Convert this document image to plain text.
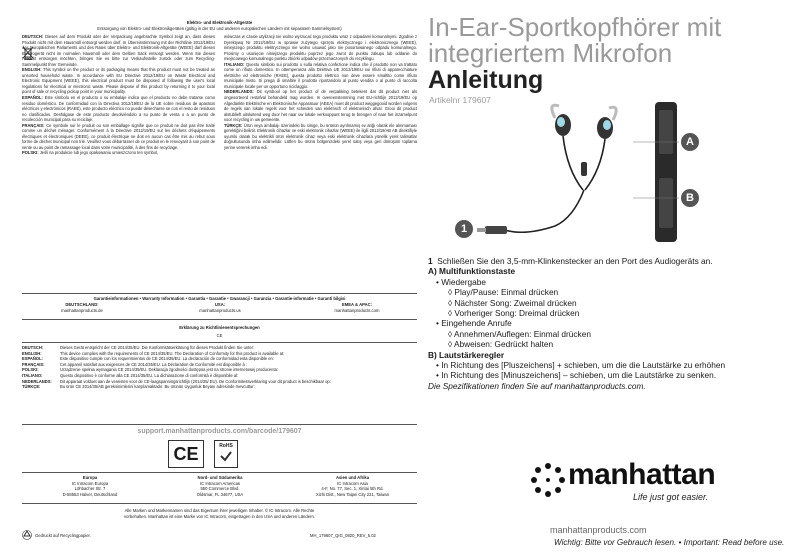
Elektro- und Elektronik-Altgeräte
Entsorgung von Elektro- und Elektronikgeräten (gültig in der EU und anderen europäischen Ländern mit separatem Sammelsystem)

DEUTSCH: Dieses auf dem Produkt oder der Verpackung angebrachte Symbol zeigt an, dass dieses Produkt nicht mit dem Hausmüll entsorgt werden darf. In Übereinstimmung mit der Richtlinie 2012/19/EU des Europäischen Parlaments und des Rates über Elektro- und Elektronik-Altgeräte (WEEE) darf dieses Elektrogerät nicht im normalen Hausmüll oder dem Gelben Sack entsorgt werden. Wenn Sie dieses Produkt entsorgen möchten, bringen Sie es bitte zur Verkaufsstelle zurück oder zum Recycling-Sammelpunkt Ihrer Gemeinde.

ENGLISH: This symbol on the product or its packaging means that this product must not be treated as unsorted household waste. In accordance with EU Directive 2012/19/EU on Waste Electrical and Electronic Equipment (WEEE), this electrical product must be disposed of following the user's local regulations for electrical or electronic waste. Please dispose of this product by returning it to your local point of sale or recycling pickup point in your municipality.

ESPAÑOL: Este símbolo en el producto o su embalaje indica que el producto no debe tratarse como residuo doméstico. De conformidad con la Directiva 2012/19/EU de la UE sobre residuos de aparatos eléctricos y electrónicos (RAEE), este producto eléctrico no puede desecharse se con el resto de residuos no clasificados. Deshágase de este producto devolviéndolo a su punto de venta o a un punto de recolección municipal para su reciclaje.

FRANÇAIS: Ce symbole sur le produit ou son emballage signifie que ce produit ne doit pas être traité comme un déchet ménager. Conformément à la Directive 2012/19/EU sur les déchets d'équipements électriques et électroniques (DEEE), ce produit électrique ne doit en aucun cas être mis au rebut sous forme de déchet municipal non trié. Veuillez vous débarrasser de ce produit en le renvoyant à son point de vente ou au point de ramassage local dans votre municipalité, à des fins de recyclage.

POLSKI: Jeśli na produkcie lub jego opakowaniu umieszczono ten symbol,

wówczas w czasie utylizacji nie wolno wyrzucać tego produktu wraz z odpadami komunalnymi. Zgodnie z Dyrektywą Nr 2012/19/EU w sprawie zużytego sprzętu elektrycznego i elektronicznego (WEEE), niniejszego produktu elektrycznego nie wolno usuwać jako nie posortowanego odpadu komunalnego. Prosimy o usunięcie niniejszego produktu poprzez jego zwrot do punktu zakupu lub oddanie do miejscowego komunalnego punktu zbiórki odpadów przeznaczonych do recyklingu.

ITALIANO: Questo simbolo sui prodotto o sulla relativa confezione indica che il prodotto non va trattato come un rifiuto domestico. In ottemperanza alla Direttiva UE 2012/19/EU sui rifiuti di apparecchiature elettriche ed elettroniche (RAEE), questa prodotto elettrico non deve essere smaltito come rifiuto municipale misto. Si prega di smaltire il prodotto riportandolo al punto vendita o al punto di raccolta municipale locale per un opportuno riciclaggio.

NEDERLANDS: Dit symbool op het product of de verpakking betekent dat dit product niet als ongesorteerd restafval behandeld mag worden. In overeenstemming met EU-richtlijn 2012/19/EU op Afgedankte Elektrische en Elektronische Apparatuur (AEEA) moet dit product weggegooid worden volgens de regels van lokale regels voor het scheiden van elektrisch of elektronisch afval. Grooi dit product alstublieft uitsluitend weg door het naar uw lokale verkooppunt terug te brengen of naar het inzamelpunt voor recycling in uw gemeente.

TÜRKÇE: Ürün veya ambalajı üzerindeki bu simge, bu ürünün ayrılmamış ev atığı olarak ele alınmaması gerektiğini belirtir. Elektronik cihazlar ve eski elektronik cihazlar (WEEE) ile ilgili 2012/19/AB AB direktifiyle uyumlu olarak bu elektrikli ürün elektronik cihaz veya eski elektronik cihazlara yönelik yerel talimatlar doğrultusunda imha edilmelidir. Lütfen bu ürünü bölgenizdeki yerel satış veya geri dönüşüm toplama yerine vererek imha edi.

Garantieinformationen • Warranty Information • Garantía • Garantie • Gwarancji • Garanzia • Garantie-informatie • Garanti bilgisi
DEUTSCHLAND:
manhattanproducts.de
USA:
manhattanproducts.us
EMEA & APAC:
manhattanproducts.com
Erklärung zu Richtlinienentsprechungen
CE
DEUTSCH:	Dieses Gerät entspricht der CE 2014/35/EU. Die Konformitätserklärung für dieses Produkt finden Sie unter:
ENGLISH:	This device complies with the requirements of CE 2014/35/EU. The Declaration of Conformity for this product is available at:
ESPAÑOL:	Este dispositivo cumple con los requerimientos de CE 2014/35/EU. La declaración de conformidad esta disponible en:
FRANÇAIS:	Cet appareil satisfait aux exigences de CE 2014/35/EU. La Déclaration de Conformité est disponible à :
POLSKI:	Urządzenie spełnia wymagania CE 2014/35/EU. Deklaracja zgodności dostępna jest na stronie internetowej producenta:
ITALIANO:	Questo dispositivo è conforme alla CE 2014/35/EU. La dichiarazione di conformità è disponibile al:
NEDERLANDS:	Dit apparaat voldoet aan de vereisten voor de CE-laagspanningsrichtlijn (2014/35/ EU). De Conformiteitsverklaring voor dit product is beschikbaar op:
TÜRKÇE:	Bu ürün CE 2014/35/AB gereksinimlerini karşılamaktadır. Bu ürünün Uygunluk Beyanı adresinde mevcuttur:
support.manhattanproducts.com/barcode/179607
CE	RoHS
Europa
IC Intracom Europa
Löhbacher Str. 7
D-58553 Halver, Deutschland
Nord- und Südamerika
IC Intracom Americas
550 Commerce Blvd.
Oldsmar, FL 34677, USA
Asien und Afrika
IC Intracom Asia
4-F, No. 77, Sec. 1, Xintai 5th Rd.
Xizhi Dist., New Taipei City 221, Taiwan
Alle Marken und Markennamen sind das Eigentum ihrer jeweiligen Inhaber. © IC Intracom. Alle Rechte
vorbehalten. Manhattan ist eine Marke von IC Intracom, eingetragen in den USA und anderen Ländern.
Gedruckt auf Recyclingpapier.	MH_179607_QIG_0820_REV_5.02
In-Ear-Sportkopfhörer mit
integriertem Mikrofon
Anleitung
Artikelnr 179607
A
B
1
1 Schließen Sie den 3,5-mm-Klinkenstecker an den Port des Audiogeräts an.
A) Multifunktionstaste
• Wiedergabe
◊ Play/Pause: Einmal drücken
◊ Nächster Song: Zweimal drücken
◊ Vorheriger Song: Dreimal drücken
• Eingehende Anrufe
◊ Annehmen/Auflegen: Einmal drücken
◊ Abweisen: Gedrückt halten
B) Lautstärkeregler
• In Richtung des [Pluszeichens] + schieben, um die die Lautstärke zu erhöhen
• In Richtung des [Minuszeichens] – schieben, um die Lautstärke zu senken.
Die Spezifikationen finden Sie auf manhattanproducts.com.
manhattan
Life just got easier.
manhattanproducts.com
Wichtig: Bitte vor Gebrauch lesen. • Important: Read before use.
